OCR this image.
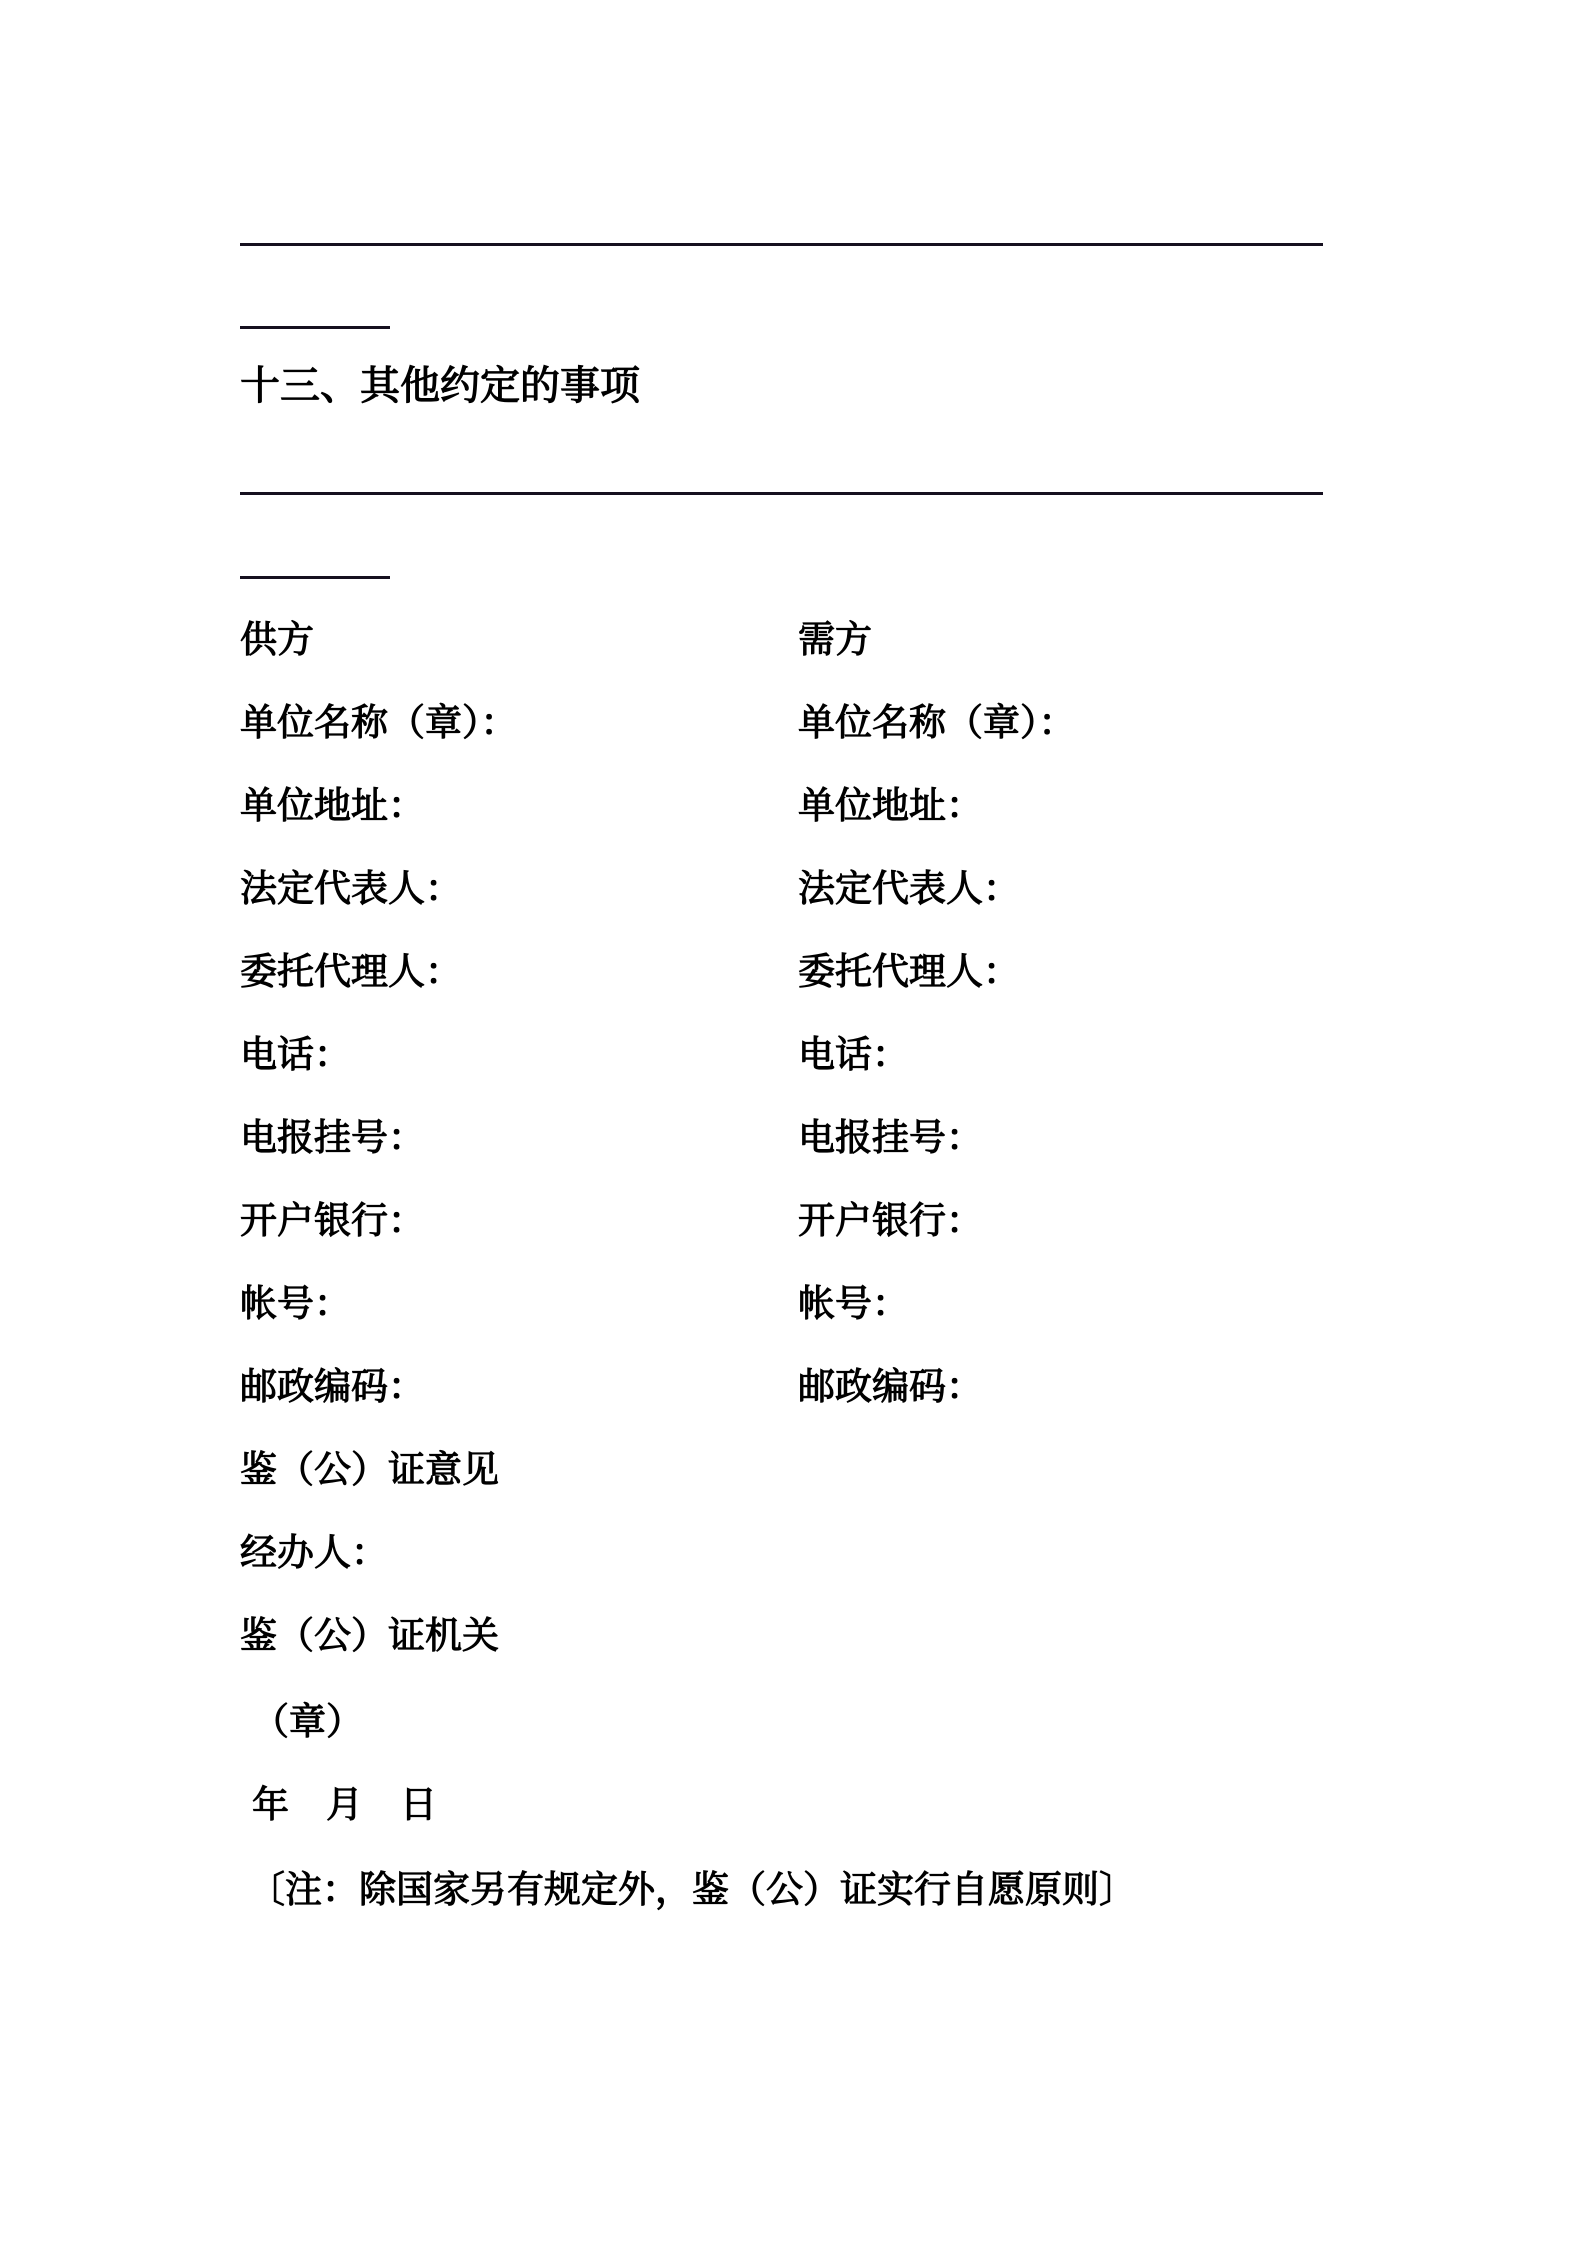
十三、其他约定的事项
供方
单位名称（章）：
单位地址：
法定代表人：
委托代理人：
电话：
电报挂号：
开户银行：
帐号：
邮政编码：
鉴（公）证意见
经办人：
鉴（公）证机关
（章）
年　月　日
〔注：除国家另有规定外，鉴（公）证实行自愿原则〕
需方
单位名称（章）：
单位地址：
法定代表人：
委托代理人：
电话：
电报挂号：
开户银行：
帐号：
邮政编码：
